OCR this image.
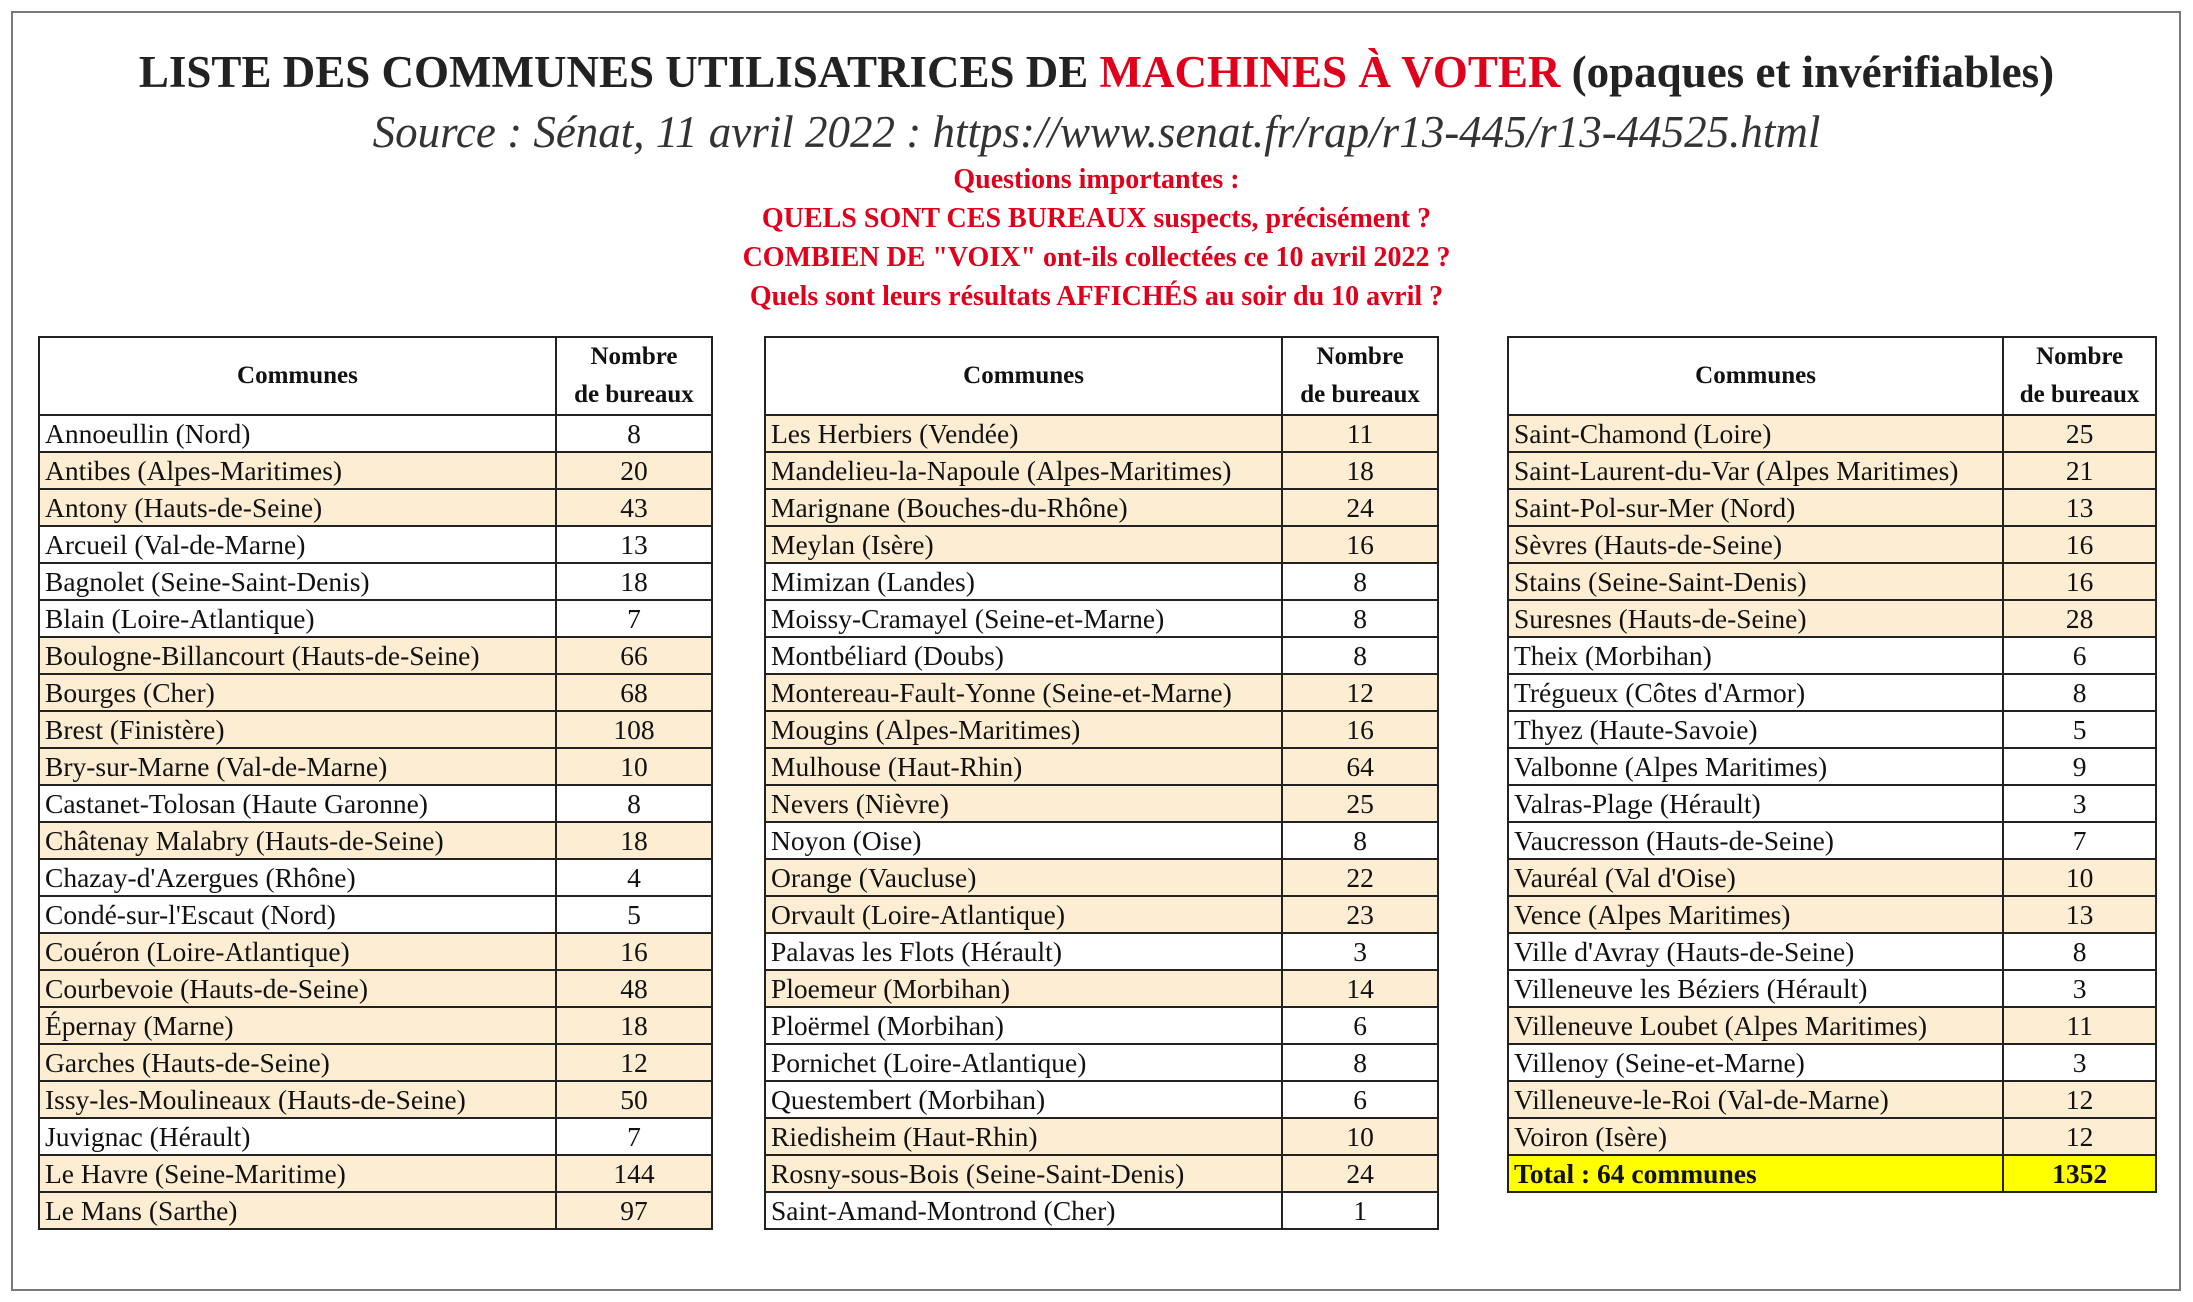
LISTE DES COMMUNES UTILISATRICES DE MACHINES À VOTER (opaques et invérifiables)
Source : Sénat, 11 avril 2022 : https://www.senat.fr/rap/r13-445/r13-44525.html
Questions importantes :
QUELS SONT CES BUREAUX suspects, précisément ?
COMBIEN DE "VOIX" ont-ils collectées ce 10 avril 2022 ?
Quels sont leurs résultats AFFICHÉS au soir du 10 avril ?
Communes	Nombre
de bureaux
Annoeullin (Nord)	8
Antibes (Alpes-Maritimes)	20
Antony (Hauts-de-Seine)	43
Arcueil (Val-de-Marne)	13
Bagnolet (Seine-Saint-Denis)	18
Blain (Loire-Atlantique)	7
Boulogne-Billancourt (Hauts-de-Seine)	66
Bourges (Cher)	68
Brest (Finistère)	108
Bry-sur-Marne (Val-de-Marne)	10
Castanet-Tolosan (Haute Garonne)	8
Châtenay Malabry (Hauts-de-Seine)	18
Chazay-d'Azergues (Rhône)	4
Condé-sur-l'Escaut (Nord)	5
Couéron (Loire-Atlantique)	16
Courbevoie (Hauts-de-Seine)	48
Épernay (Marne)	18
Garches (Hauts-de-Seine)	12
Issy-les-Moulineaux (Hauts-de-Seine)	50
Juvignac (Hérault)	7
Le Havre (Seine-Maritime)	144
Le Mans (Sarthe)	97
Communes	Nombre
de bureaux
Les Herbiers (Vendée)	11
Mandelieu-la-Napoule (Alpes-Maritimes)	18
Marignane (Bouches-du-Rhône)	24
Meylan (Isère)	16
Mimizan (Landes)	8
Moissy-Cramayel (Seine-et-Marne)	8
Montbéliard (Doubs)	8
Montereau-Fault-Yonne (Seine-et-Marne)	12
Mougins (Alpes-Maritimes)	16
Mulhouse (Haut-Rhin)	64
Nevers (Nièvre)	25
Noyon (Oise)	8
Orange (Vaucluse)	22
Orvault (Loire-Atlantique)	23
Palavas les Flots (Hérault)	3
Ploemeur (Morbihan)	14
Ploërmel (Morbihan)	6
Pornichet (Loire-Atlantique)	8
Questembert (Morbihan)	6
Riedisheim (Haut-Rhin)	10
Rosny-sous-Bois (Seine-Saint-Denis)	24
Saint-Amand-Montrond (Cher)	1
Communes	Nombre
de bureaux
Saint-Chamond (Loire)	25
Saint-Laurent-du-Var (Alpes Maritimes)	21
Saint-Pol-sur-Mer (Nord)	13
Sèvres (Hauts-de-Seine)	16
Stains (Seine-Saint-Denis)	16
Suresnes (Hauts-de-Seine)	28
Theix (Morbihan)	6
Trégueux (Côtes d'Armor)	8
Thyez (Haute-Savoie)	5
Valbonne (Alpes Maritimes)	9
Valras-Plage (Hérault)	3
Vaucresson (Hauts-de-Seine)	7
Vauréal (Val d'Oise)	10
Vence (Alpes Maritimes)	13
Ville d'Avray (Hauts-de-Seine)	8
Villeneuve les Béziers (Hérault)	3
Villeneuve Loubet (Alpes Maritimes)	11
Villenoy (Seine-et-Marne)	3
Villeneuve-le-Roi (Val-de-Marne)	12
Voiron (Isère)	12
Total : 64 communes	1352
